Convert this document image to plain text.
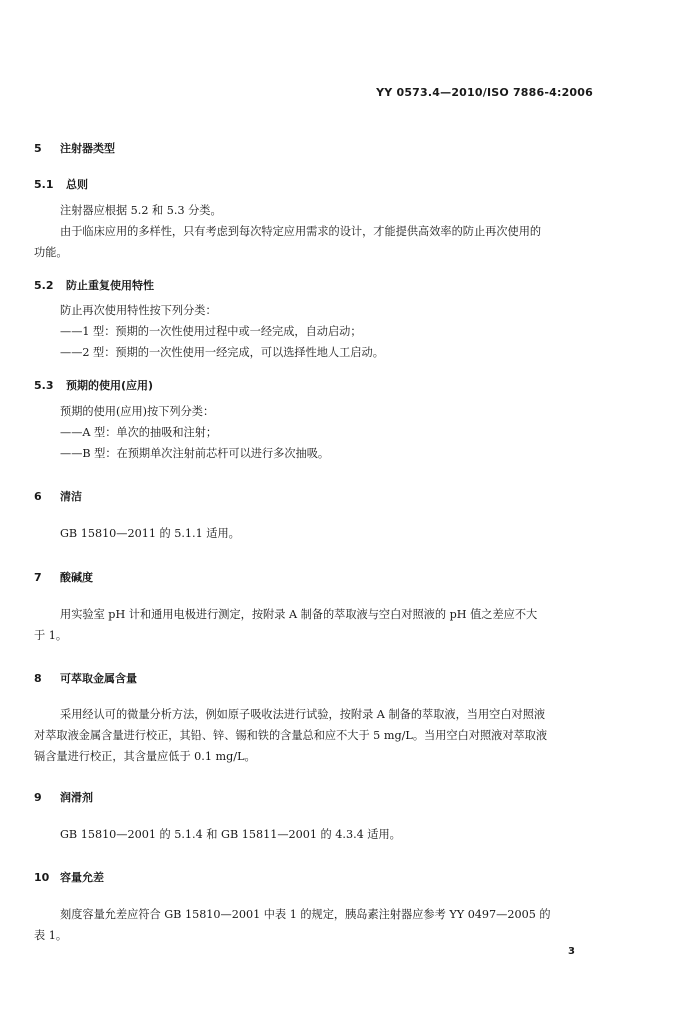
YY 0573.4—2010/ISO 7886-4:2006
5 注射器类型
5.1 总则
注射器应根据 5.2 和 5.3 分类。
由于临床应用的多样性，只有考虑到每次特定应用需求的设计，才能提供高效率的防止再次使用的
功能。
5.2 防止重复使用特性
防止再次使用特性按下列分类：
——1 型：预期的一次性使用过程中或一经完成，自动启动；
——2 型：预期的一次性使用一经完成，可以选择性地人工启动。
5.3 预期的使用(应用)
预期的使用(应用)按下列分类：
——A 型：单次的抽吸和注射；
——B 型：在预期单次注射前芯杆可以进行多次抽吸。
6 清洁
GB 15810—2011 的 5.1.1 适用。
7 酸碱度
用实验室 pH 计和通用电极进行测定，按附录 A 制备的萃取液与空白对照液的 pH 值之差应不大
于 1。
8 可萃取金属含量
采用经认可的微量分析方法，例如原子吸收法进行试验，按附录 A 制备的萃取液，当用空白对照液
对萃取液金属含量进行校正，其铅、锌、锡和铁的含量总和应不大于 5 mg/L。当用空白对照液对萃取液
镉含量进行校正，其含量应低于 0.1 mg/L。
9 润滑剂
GB 15810—2001 的 5.1.4 和 GB 15811—2001 的 4.3.4 适用。
10 容量允差
刻度容量允差应符合 GB 15810—2001 中表 1 的规定，胰岛素注射器应参考 YY 0497—2005 的
表 1。
3
